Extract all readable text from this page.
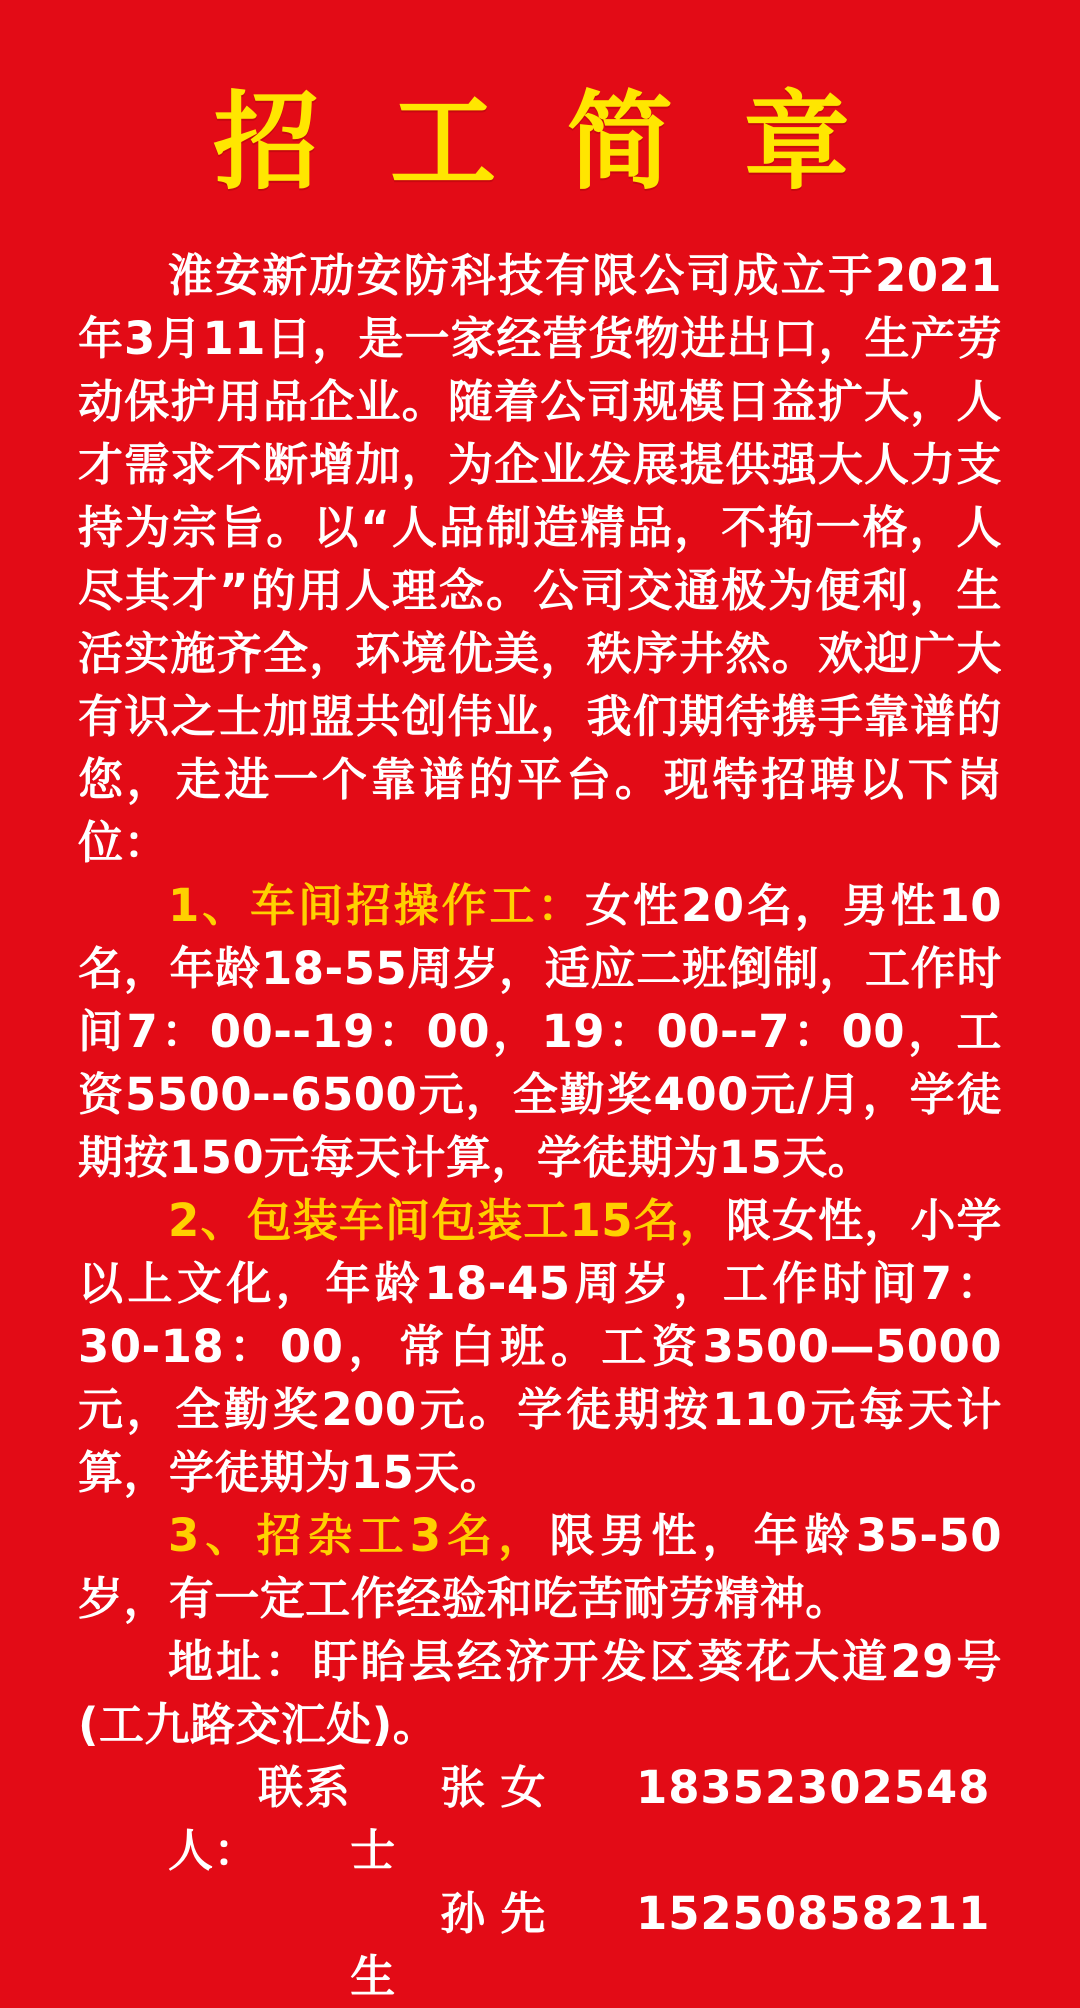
招 工 简 章

淮安新劢安防科技有限公司成立于2021年3月11日，是一家经营货物进出口，生产劳动保护用品企业。随着公司规模日益扩大，人才需求不断增加，为企业发展提供强大人力支持为宗旨。以“人品制造精品，不拘一格，人尽其才”的用人理念。公司交通极为便利，生活实施齐全，环境优美，秩序井然。欢迎广大有识之士加盟共创伟业，我们期待携手靠谱的您，走进一个靠谱的平台。现特招聘以下岗位：

1、车间招操作工：女性20名，男性10名，年龄18-55周岁，适应二班倒制，工作时间7：00--19：00，19：00--7：00，工资5500--6500元，全勤奖400元/月，学徒期按150元每天计算，学徒期为15天。

2、包装车间包装工15名，限女性，小学以上文化，年龄18-45周岁，工作时间7：30-18：00，常白班。工资3500—5000元，全勤奖200元。学徒期按110元每天计算，学徒期为15天。

3、招杂工3名，限男性，年龄35-50岁，有一定工作经验和吃苦耐劳精神。

地址：盱眙县经济开发区葵花大道29号(工九路交汇处)。

联系人：
张女士
18352302548

孙先生
15250858211
